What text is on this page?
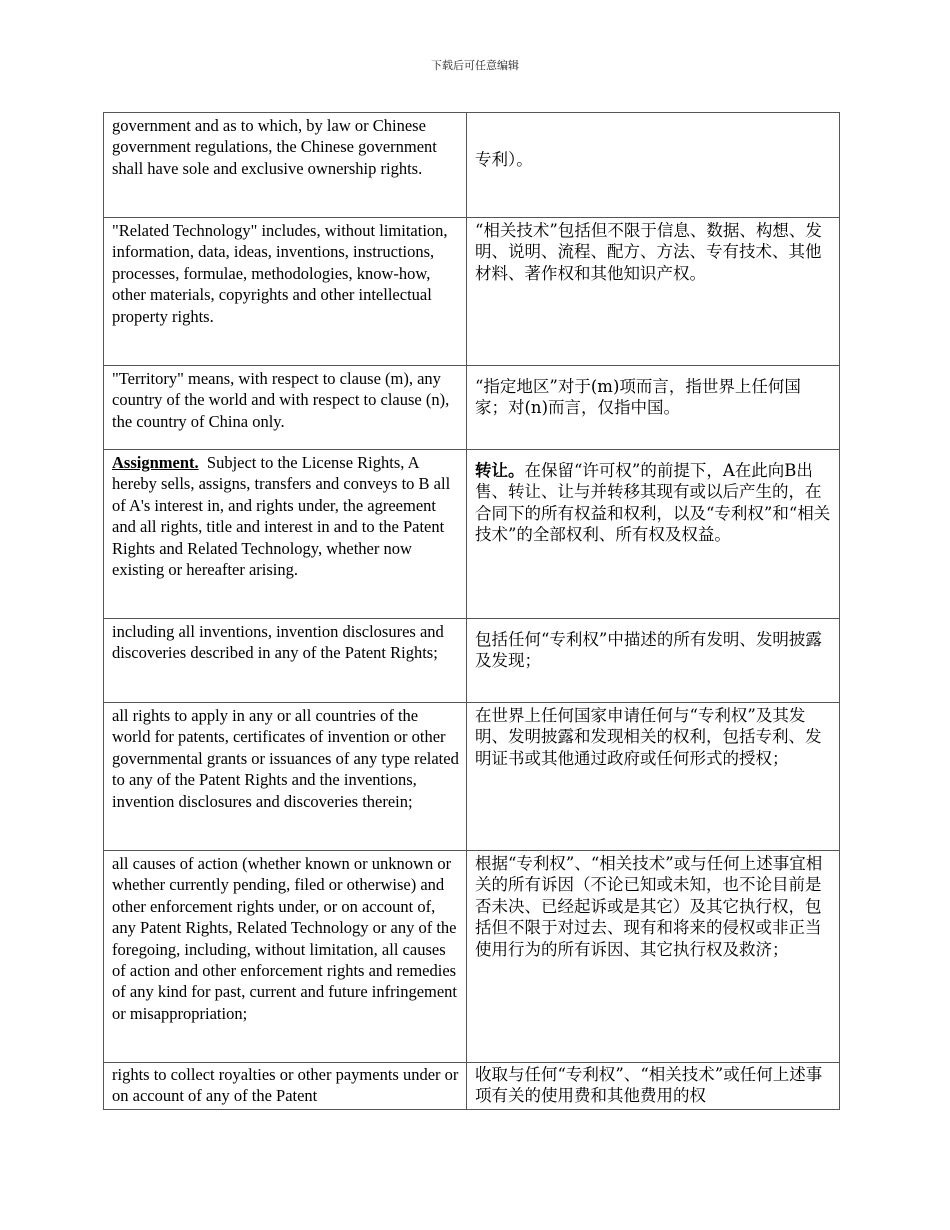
下载后可任意编辑
government and as to which, by law or Chinese government regulations, the Chinese government shall have sole and exclusive ownership rights.	专利）。
"Related Technology" includes, without limitation, information, data, ideas, inventions, instructions, processes, formulae, methodologies, know-how, other materials, copyrights and other intellectual property rights.	“相关技术”包括但不限于信息、数据、构想、发明、说明、流程、配方、方法、专有技术、其他材料、著作权和其他知识产权。
"Territory" means, with respect to clause (m), any country of the world and with respect to clause (n), the country of China only.	“指定地区”对于(m)项而言，指世界上任何国家；对(n)而言，仅指中国。
Assignment.  Subject to the License Rights, A hereby sells, assigns, transfers and conveys to B all of A's interest in, and rights under, the agreement and all rights, title and interest in and to the Patent Rights and Related Technology, whether now existing or hereafter arising.	转让。在保留“许可权”的前提下，A在此向B出售、转让、让与并转移其现有或以后产生的，在合同下的所有权益和权利，以及“专利权”和“相关技术”的全部权利、所有权及权益。
including all inventions, invention disclosures and discoveries described in any of the Patent Rights;	包括任何“专利权”中描述的所有发明、发明披露及发现；
all rights to apply in any or all countries of the world for patents, certificates of invention or other governmental grants or issuances of any type related to any of the Patent Rights and the inventions, invention disclosures and discoveries therein;	在世界上任何国家申请任何与“专利权”及其发明、发明披露和发现相关的权利，包括专利、发明证书或其他通过政府或任何形式的授权；
all causes of action (whether known or unknown or whether currently pending, filed or otherwise) and other enforcement rights under, or on account of, any Patent Rights, Related Technology or any of the foregoing, including, without limitation, all causes of action and other enforcement rights and remedies of any kind for past, current and future infringement or misappropriation;	根据“专利权”、“相关技术”或与任何上述事宜相关的所有诉因（不论已知或未知，也不论目前是否未决、已经起诉或是其它）及其它执行权，包括但不限于对过去、现有和将来的侵权或非正当使用行为的所有诉因、其它执行权及救济；
rights to collect royalties or other payments under or on account of any of the Patent	收取与任何“专利权”、“相关技术”或任何上述事项有关的使用费和其他费用的权
